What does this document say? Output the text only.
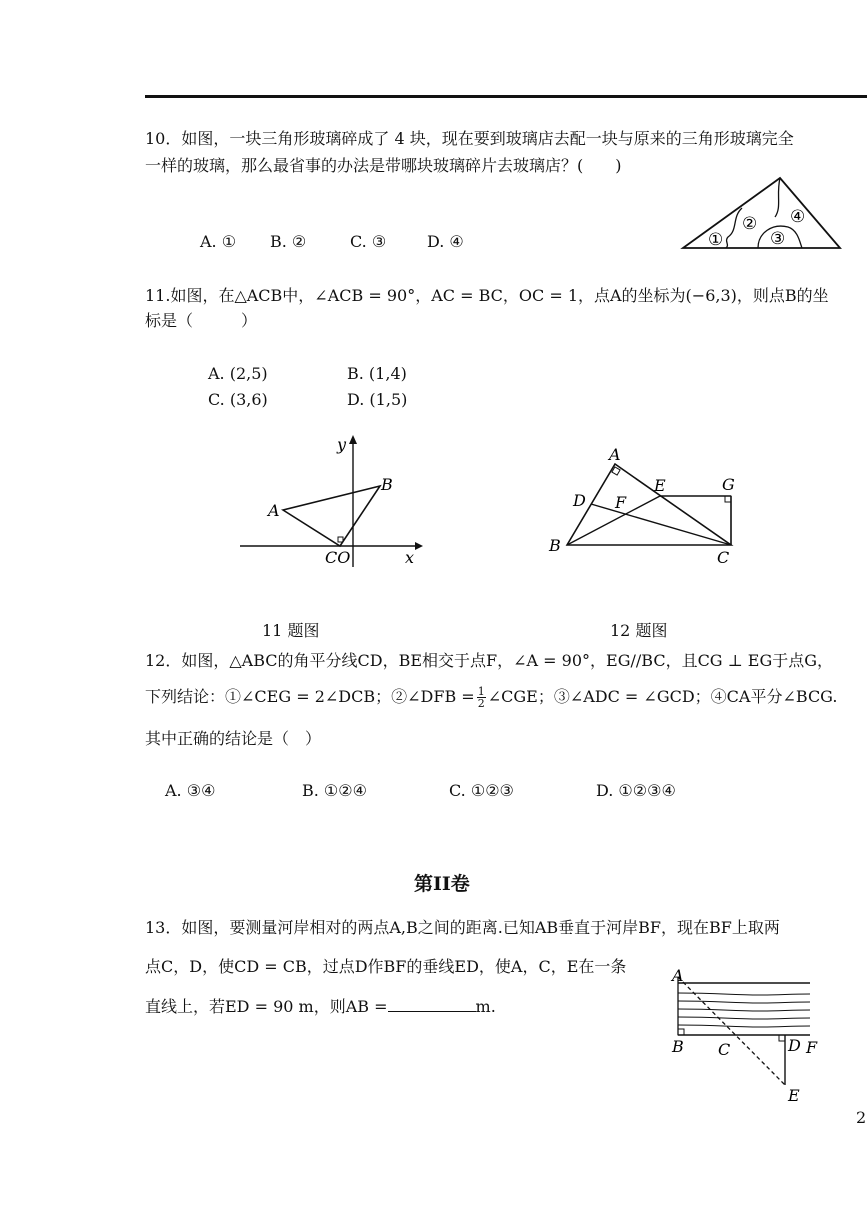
10．如图，一块三角形玻璃碎成了 4 块，现在要到玻璃店去配一块与原来的三角形玻璃完全
一样的玻璃，那么最省事的办法是带哪块玻璃碎片去玻璃店？(　　)
A. ① B. ②	C. ③	D. ④	①
②
③
④
11.如图，在△ACB中，∠ACB = 90°，AC = BC，OC = 1，点A的坐标为(−6,3)，则点B的坐
标是（　　　）
A. (2,5)	B. (1,4)
C. (3,6)	D. (1,5)
y
x
A
B
CO
11 题图
A
D F
E	G
B
C
12 题图
12．如图，△ABC的角平分线CD，BE相交于点F，∠A = 90°，EG//BC，且CG ⊥ EG于点G，
下列结论：①∠CEG = 2∠DCB；②∠DFB = $\frac{1}{2}$ ∠CGE；③∠ADC = ∠GCD；④CA平分∠BCG.
其中正确的结论是（　）
A. ③④	B. ①②④	C. ①②③	D. ①②③④
第II卷
13．如图，要测量河岸相对的两点A,B之间的距离.已知AB垂直于河岸BF，现在BF上取两
点C，D，使CD = CB，过点D作BF的垂线ED，使A，C，E在一条
直线上，若ED = 90 m，则AB =	m.
A
B C	D F
E
2
